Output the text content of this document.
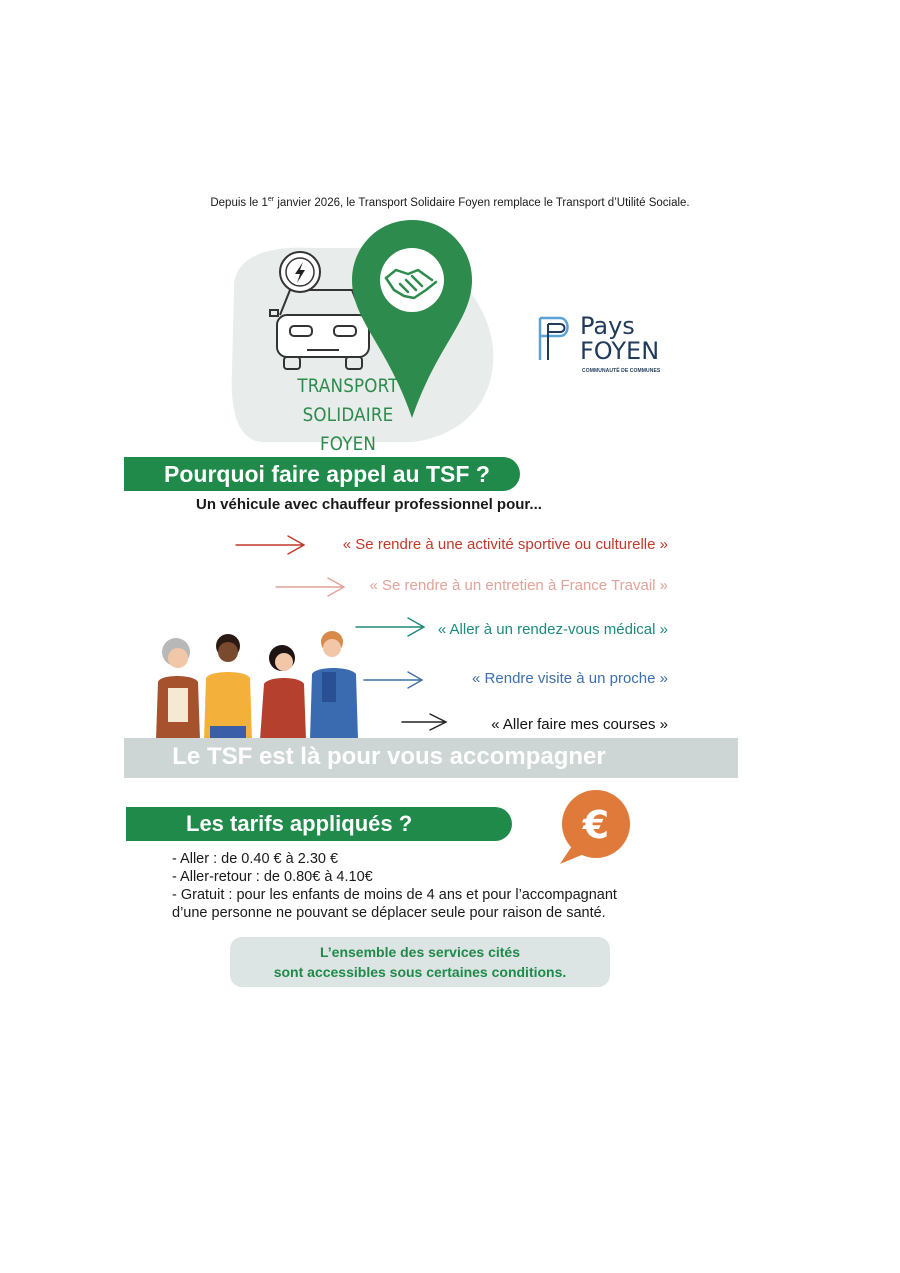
Depuis le 1er janvier 2026, le Transport Solidaire Foyen remplace le Transport d’Utilité Sociale.
TRANSPORT
SOLIDAIRE FOYEN
Pays
FOYEN
COMMUNAUTÉ DE COMMUNES
Pourquoi faire appel au TSF ?
Un véhicule avec chauffeur professionnel pour...
« Se rendre à une activité sportive ou culturelle »
« Se rendre à un entretien à France Travail »
« Aller à un rendez-vous médical »
« Rendre visite à un proche »
« Aller faire mes courses »
Le TSF est là pour vous accompagner
Les tarifs appliqués ?	€
- Aller : de 0.40 € à 2.30 €
- Aller-retour : de 0.80€ à 4.10€
- Gratuit : pour les enfants de moins de 4 ans et pour l’accompagnant
d’une personne ne pouvant se déplacer seule pour raison de santé.
L’ensemble des services cités
sont accessibles sous certaines conditions.
